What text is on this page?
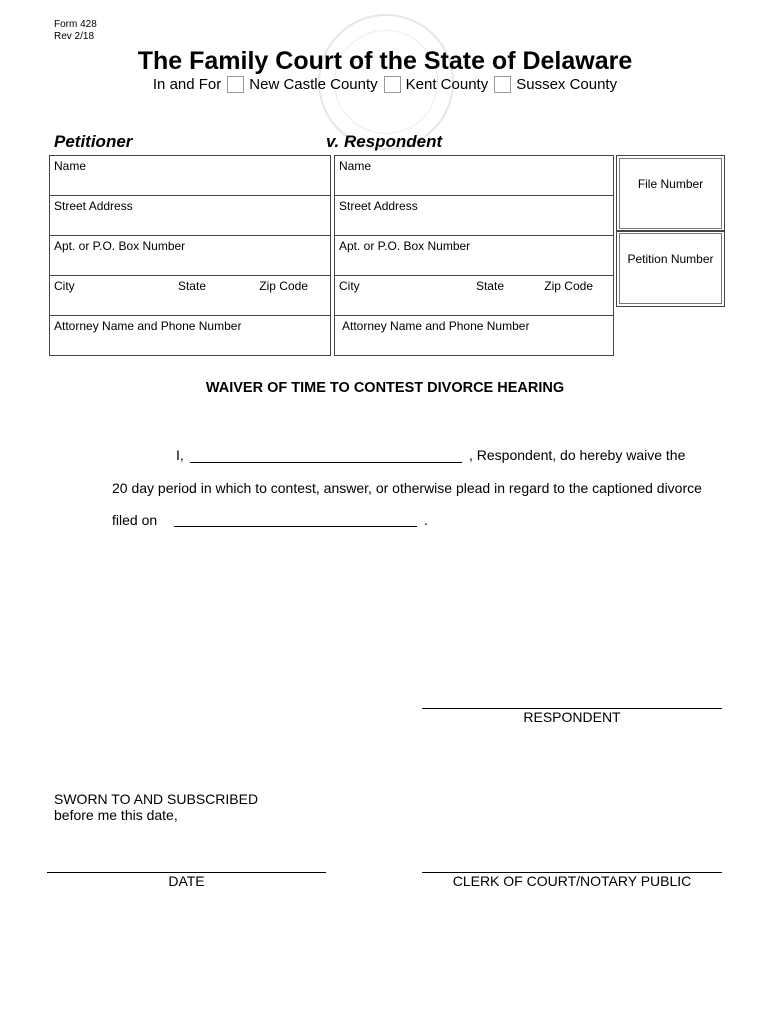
Form 428
Rev 2/18
The Family Court of the State of Delaware
In and For New Castle County Kent County Sussex County
Petitioner	v. Respondent
Name
Street Address
Apt. or P.O. Box Number

City	State	Zip Code

Attorney Name and Phone Number
Name
Street Address
Apt. or P.O. Box Number

City	State	Zip Code

Attorney Name and Phone Number
File Number
Petition Number
WAIVER OF TIME TO CONTEST DIVORCE HEARING
I,	, Respondent, do hereby waive the
20 day period in which to contest, answer, or otherwise plead in regard to the captioned divorce
filed on	.
RESPONDENT
SWORN TO AND SUBSCRIBED
before me this date,
DATE	CLERK OF COURT/NOTARY PUBLIC
